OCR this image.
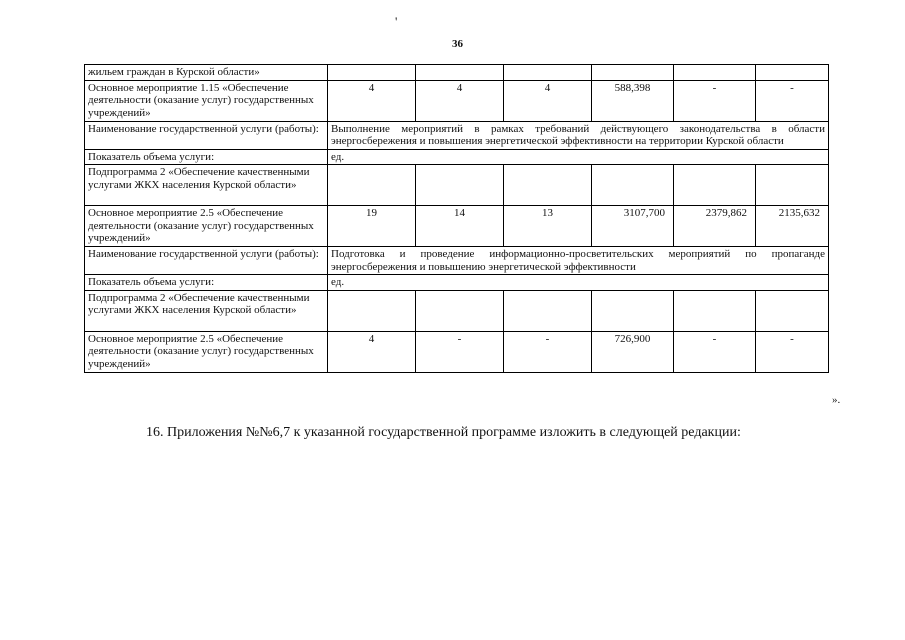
'
36
жильем граждан в Курской области»						
Основное мероприятие 1.15 «Обеспечение деятельности (оказание услуг) государственных учреждений»	4	4	4	588,398	-	-
Наименование государственной услуги (работы):	Выполнение мероприятий в рамках требований действующего законодательства в области энергосбережения и повышения энергетической эффективности на территории Курской области					
Показатель объема услуги:	ед.					
Подпрограмма 2 «Обеспечение качественными услугами ЖКХ населения Курской области»						
Основное мероприятие 2.5 «Обеспечение деятельности (оказание услуг) государственных учреждений»	19	14	13	3107,700	2379,862	2135,632
Наименование государственной услуги (работы):	Подготовка и проведение информационно-просветительских мероприятий по пропаганде энергосбережения и повышению энергетической эффективности					
Показатель объема услуги:	ед.					
Подпрограмма 2 «Обеспечение качественными услугами ЖКХ населения Курской области»						
Основное мероприятие 2.5 «Обеспечение деятельности (оказание услуг) государственных учреждений»	4	-	-	726,900	-	-
».
16. Приложения №№6,7 к указанной государственной программе изложить в следующей редакции:
